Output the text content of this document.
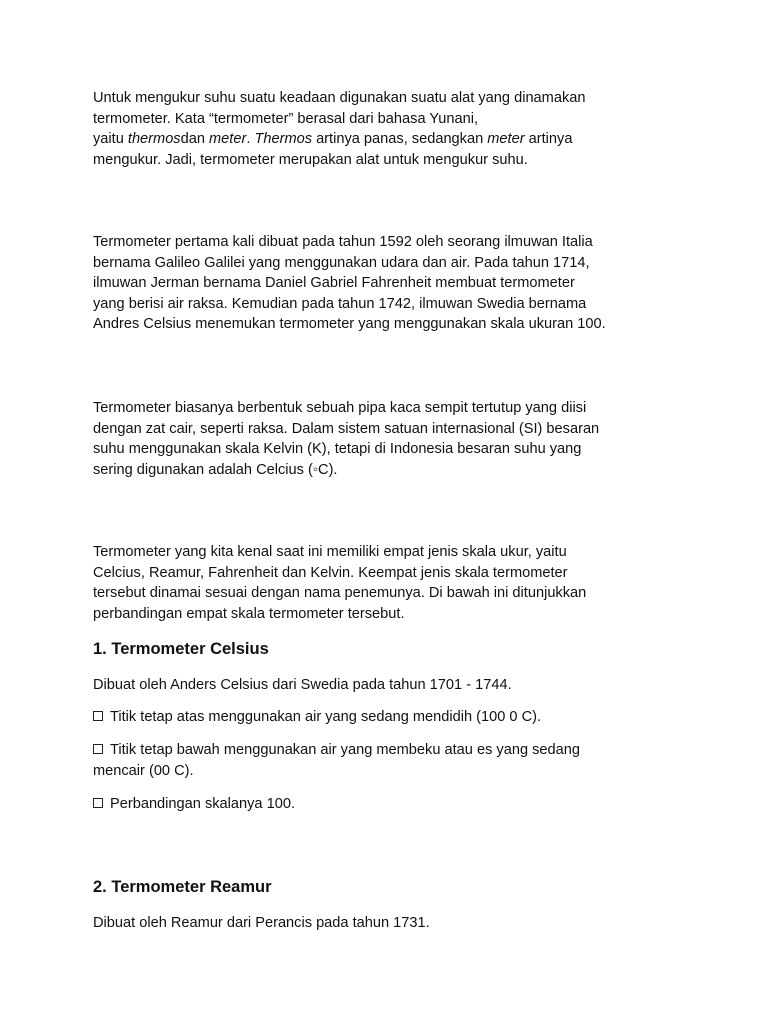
Untuk mengukur suhu suatu keadaan digunakan suatu alat yang dinamakan
termometer. Kata “termometer” berasal dari bahasa Yunani,
yaitu thermosdan meter. Thermos artinya panas, sedangkan meter artinya
mengukur. Jadi, termometer merupakan alat untuk mengukur suhu.
Termometer pertama kali dibuat pada tahun 1592 oleh seorang ilmuwan Italia
bernama Galileo Galilei yang menggunakan udara dan air. Pada tahun 1714,
ilmuwan Jerman bernama Daniel Gabriel Fahrenheit membuat termometer
yang berisi air raksa. Kemudian pada tahun 1742, ilmuwan Swedia bernama
Andres Celsius menemukan termometer yang menggunakan skala ukuran 100.
Termometer biasanya berbentuk sebuah pipa kaca sempit tertutup yang diisi
dengan zat cair, seperti raksa. Dalam sistem satuan internasional (SI) besaran
suhu menggunakan skala Kelvin (K), tetapi di Indonesia besaran suhu yang
sering digunakan adalah Celcius (◦C).
Termometer yang kita kenal saat ini memiliki empat jenis skala ukur, yaitu
Celcius, Reamur, Fahrenheit dan Kelvin. Keempat jenis skala termometer
tersebut dinamai sesuai dengan nama penemunya. Di bawah ini ditunjukkan
perbandingan empat skala termometer tersebut.
1. Termometer Celsius
Dibuat oleh Anders Celsius dari Swedia pada tahun 1701 - 1744.
Titik tetap atas menggunakan air yang sedang mendidih (100 0 C).
Titik tetap bawah menggunakan air yang membeku atau es yang sedang
mencair (00 C).
Perbandingan skalanya 100.
2. Termometer Reamur
Dibuat oleh Reamur dari Perancis pada tahun 1731.
